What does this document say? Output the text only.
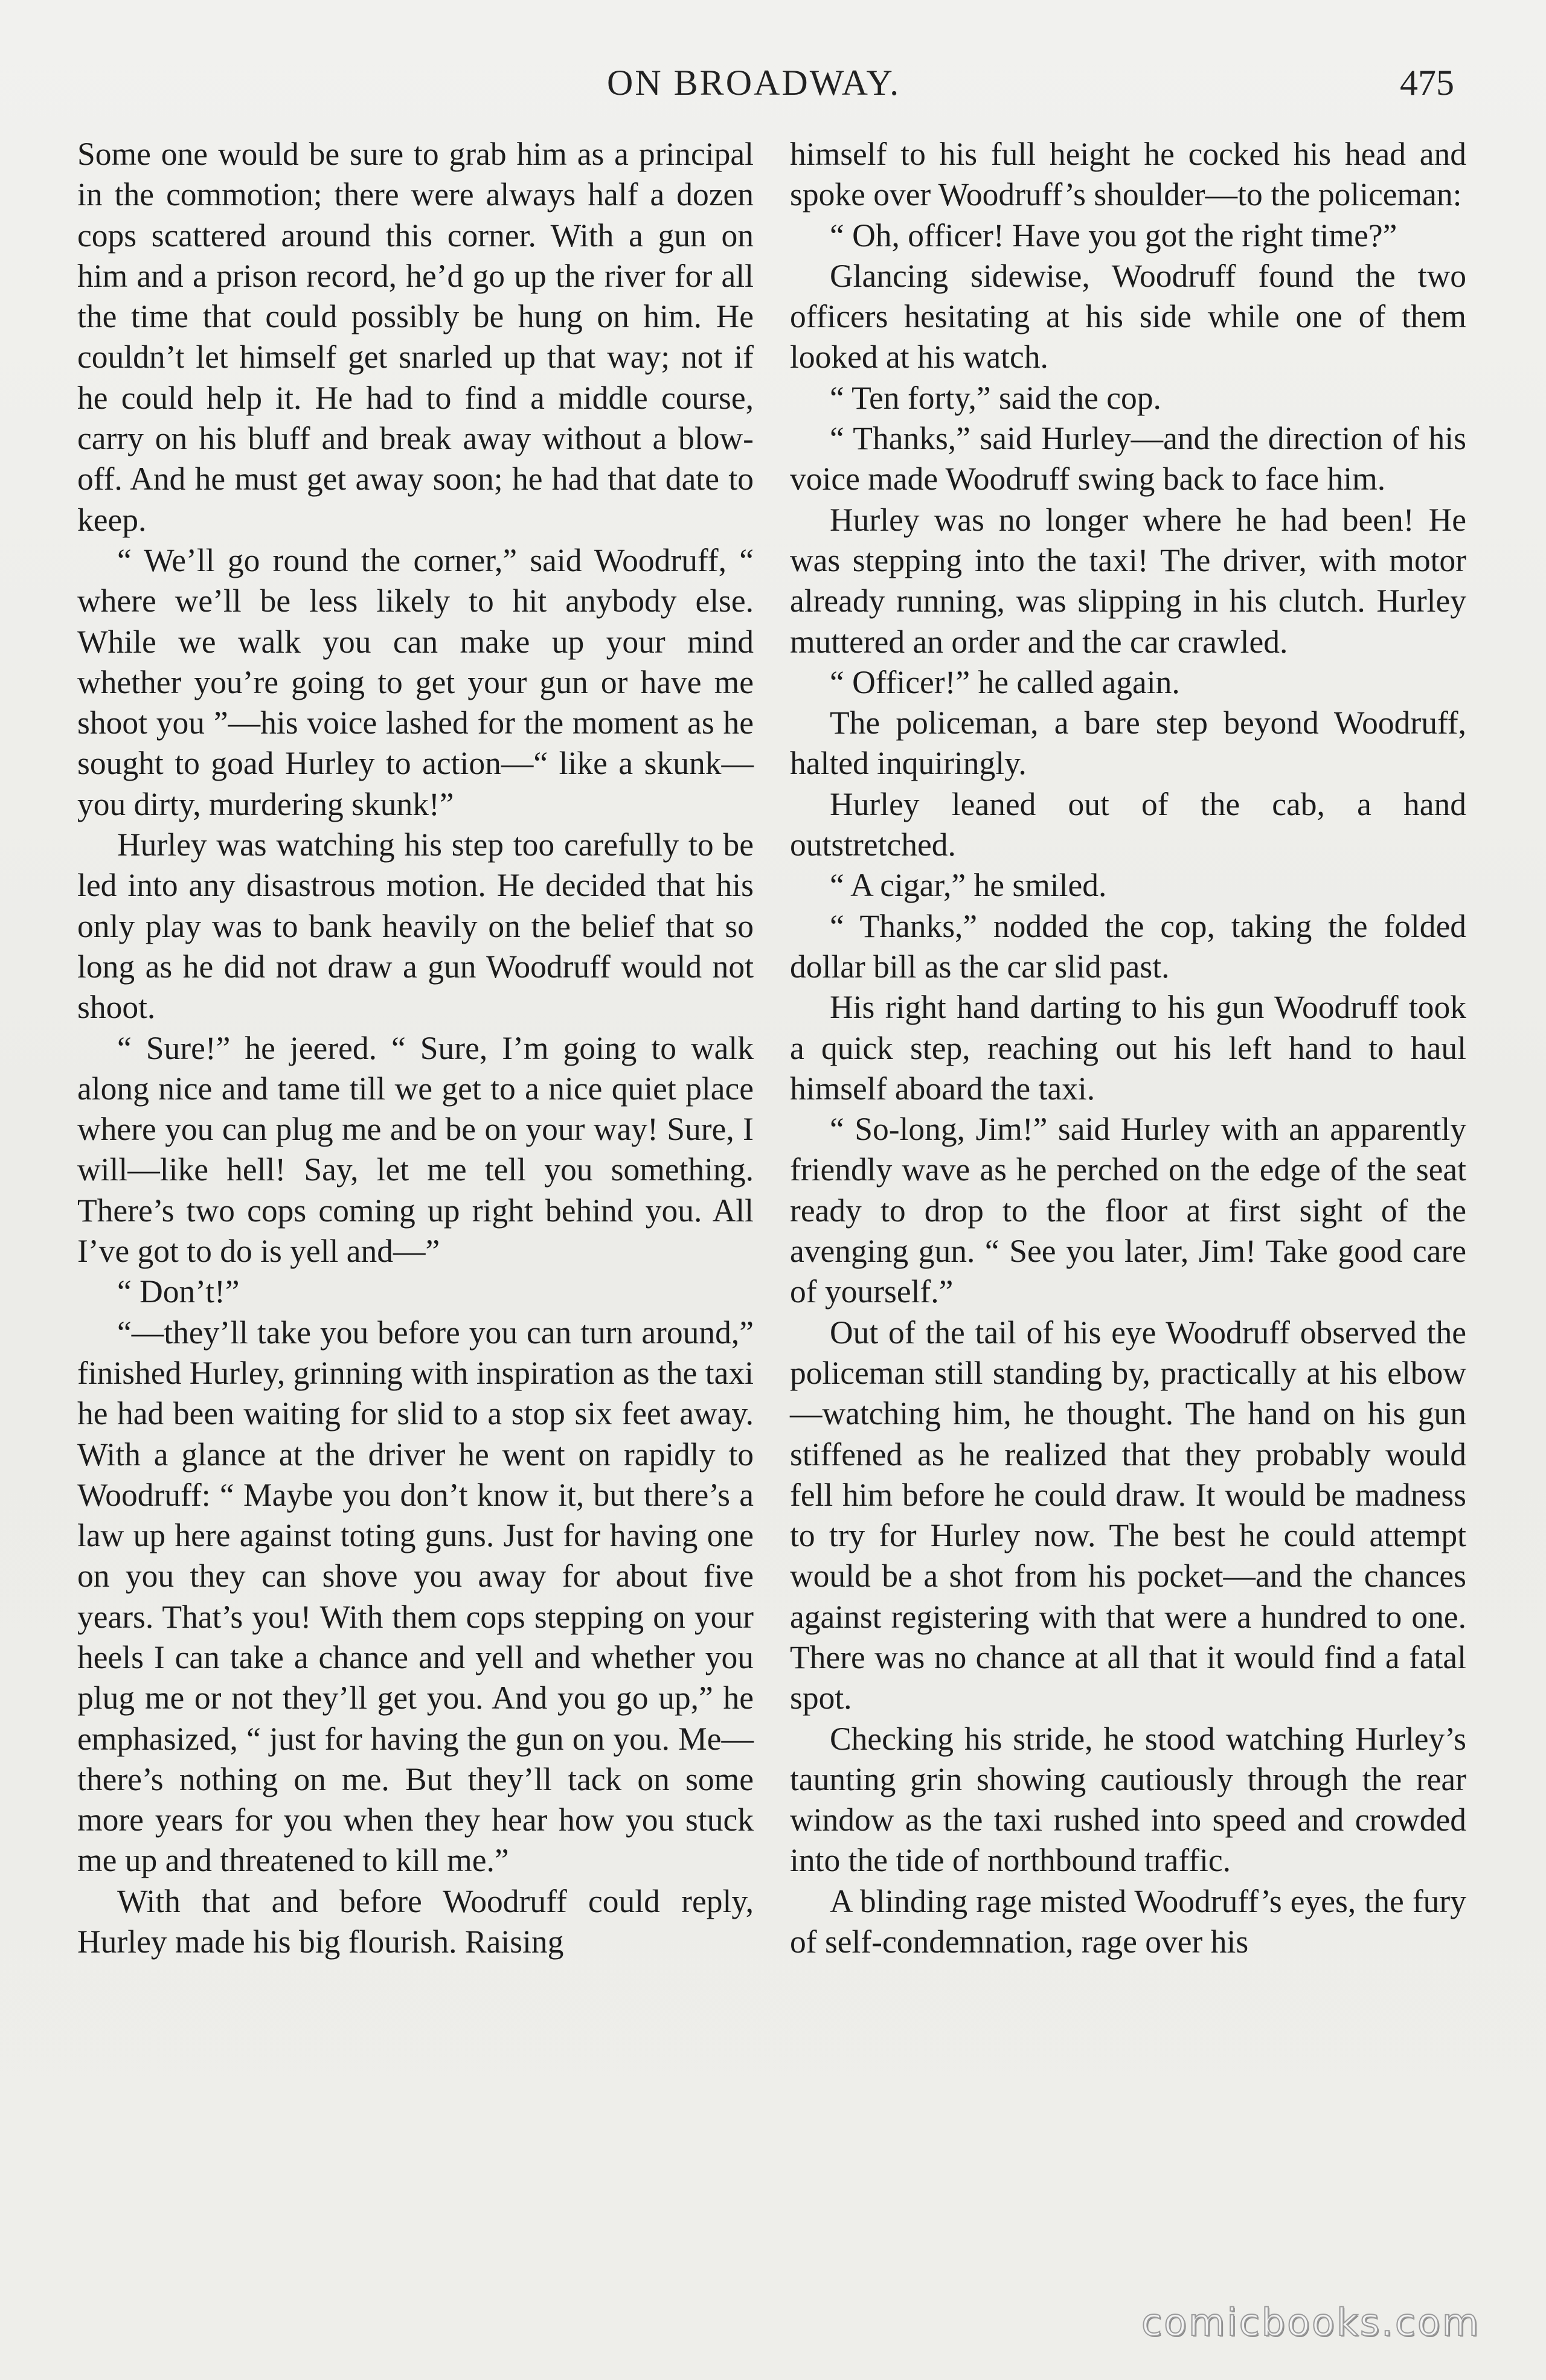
ON BROADWAY.	475

Some one would be sure to grab him as a principal in the commotion; there were always half a dozen cops scattered around this corner. With a gun on him and a prison record, he’d go up the river for all the time that could possibly be hung on him. He couldn’t let himself get snarled up that way; not if he could help it. He had to find a middle course, carry on his bluff and break away without a blow-off. And he must get away soon; he had that date to keep.

“ We’ll go round the corner,” said Woodruff, “ where we’ll be less likely to hit anybody else. While we walk you can make up your mind whether you’re going to get your gun or have me shoot you ”—his voice lashed for the moment as he sought to goad Hurley to action—“ like a skunk—you dirty, murdering skunk!”

Hurley was watching his step too carefully to be led into any disastrous motion. He decided that his only play was to bank heavily on the belief that so long as he did not draw a gun Woodruff would not shoot.

“ Sure!” he jeered. “ Sure, I’m going to walk along nice and tame till we get to a nice quiet place where you can plug me and be on your way! Sure, I will—like hell! Say, let me tell you something. There’s two cops coming up right behind you. All I’ve got to do is yell and—”

“ Don’t!”

“—they’ll take you before you can turn around,” finished Hurley, grinning with inspiration as the taxi he had been waiting for slid to a stop six feet away. With a glance at the driver he went on rapidly to Woodruff: “ Maybe you don’t know it, but there’s a law up here against toting guns. Just for having one on you they can shove you away for about five years. That’s you! With them cops stepping on your heels I can take a chance and yell and whether you plug me or not they’ll get you. And you go up,” he emphasized, “ just for having the gun on you. Me—there’s nothing on me. But they’ll tack on some more years for you when they hear how you stuck me up and threatened to kill me.”

With that and before Woodruff could reply, Hurley made his big flourish. Raising

himself to his full height he cocked his head and spoke over Woodruff’s shoulder—to the policeman:

“ Oh, officer! Have you got the right time?”

Glancing sidewise, Woodruff found the two officers hesitating at his side while one of them looked at his watch.

“ Ten forty,” said the cop.

“ Thanks,” said Hurley—and the direction of his voice made Woodruff swing back to face him.

Hurley was no longer where he had been! He was stepping into the taxi! The driver, with motor already running, was slipping in his clutch. Hurley muttered an order and the car crawled.

“ Officer!” he called again.

The policeman, a bare step beyond Woodruff, halted inquiringly.

Hurley leaned out of the cab, a hand outstretched.

“ A cigar,” he smiled.

“ Thanks,” nodded the cop, taking the folded dollar bill as the car slid past.

His right hand darting to his gun Woodruff took a quick step, reaching out his left hand to haul himself aboard the taxi.

“ So-long, Jim!” said Hurley with an apparently friendly wave as he perched on the edge of the seat ready to drop to the floor at first sight of the avenging gun. “ See you later, Jim! Take good care of yourself.”

Out of the tail of his eye Woodruff observed the policeman still standing by, practically at his elbow—watching him, he thought. The hand on his gun stiffened as he realized that they probably would fell him before he could draw. It would be madness to try for Hurley now. The best he could attempt would be a shot from his pocket—and the chances against registering with that were a hundred to one. There was no chance at all that it would find a fatal spot.

Checking his stride, he stood watching Hurley’s taunting grin showing cautiously through the rear window as the taxi rushed into speed and crowded into the tide of northbound traffic.

A blinding rage misted Woodruff’s eyes, the fury of self-condemnation, rage over his

comicbooks.com
